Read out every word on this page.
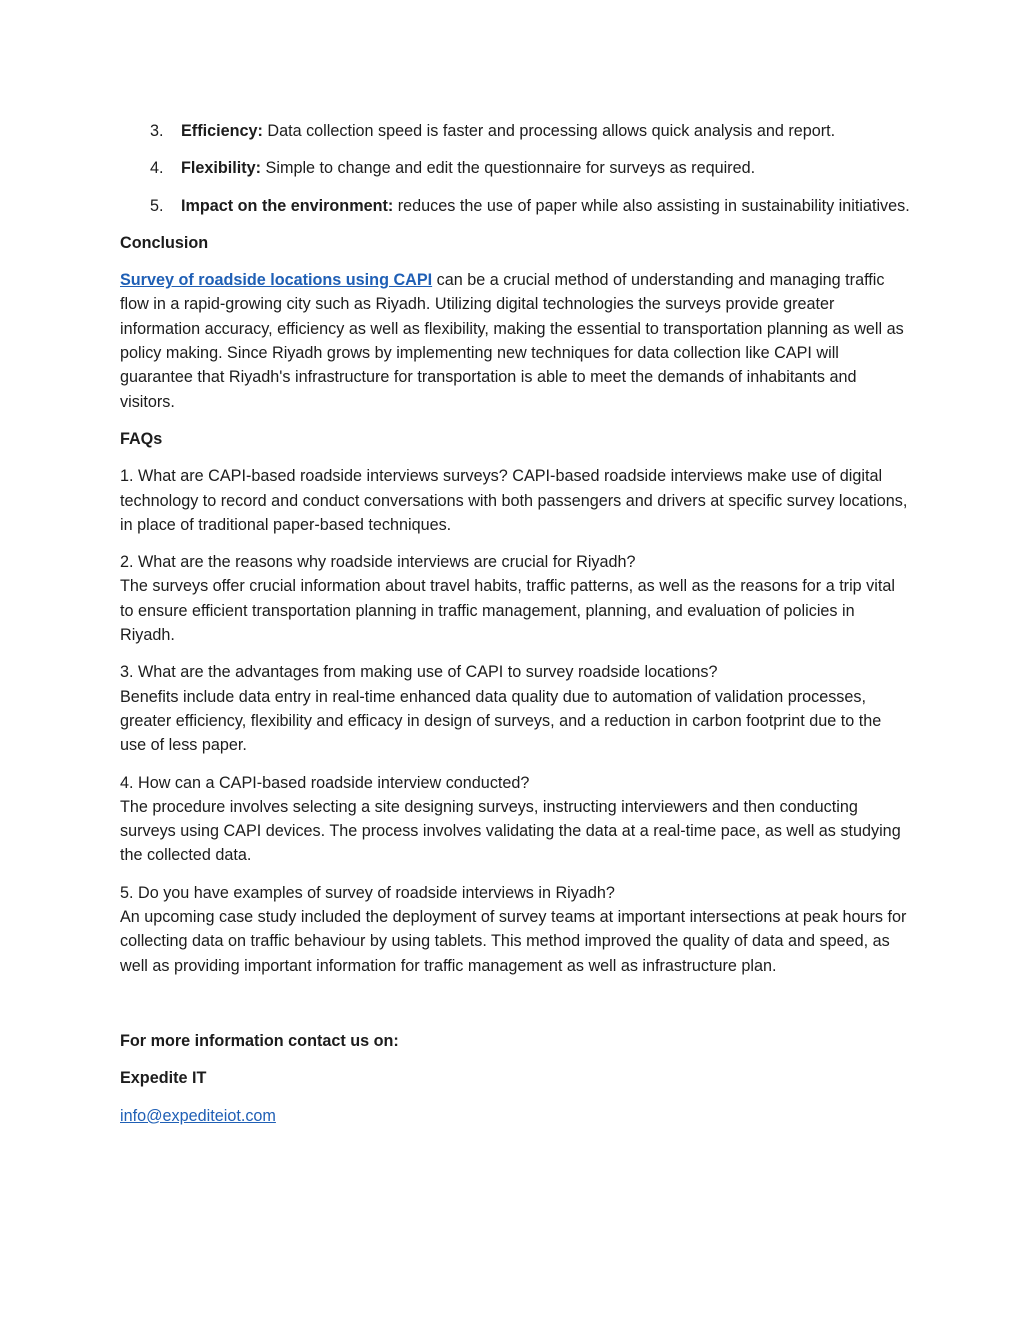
3. Efficiency: Data collection speed is faster and processing allows quick analysis and report.
4. Flexibility: Simple to change and edit the questionnaire for surveys as required.
5. Impact on the environment: reduces the use of paper while also assisting in sustainability initiatives.
Conclusion

Survey of roadside locations using CAPI can be a crucial method of understanding and managing traffic flow in a rapid-growing city such as Riyadh. Utilizing digital technologies the surveys provide greater information accuracy, efficiency as well as flexibility, making the essential to transportation planning as well as policy making. Since Riyadh grows by implementing new techniques for data collection like CAPI will guarantee that Riyadh's infrastructure for transportation is able to meet the demands of inhabitants and visitors.

FAQs
1. What are CAPI-based roadside interviews surveys? CAPI-based roadside interviews make use of digital technology to record and conduct conversations with both passengers and drivers at specific survey locations, in place of traditional paper-based techniques.
2. What are the reasons why roadside interviews are crucial for Riyadh?
The surveys offer crucial information about travel habits, traffic patterns, as well as the reasons for a trip vital to ensure efficient transportation planning in traffic management, planning, and evaluation of policies in Riyadh.
3. What are the advantages from making use of CAPI to survey roadside locations?
Benefits include data entry in real-time enhanced data quality due to automation of validation processes, greater efficiency, flexibility and efficacy in design of surveys, and a reduction in carbon footprint due to the use of less paper.
4. How can a CAPI-based roadside interview conducted?
The procedure involves selecting a site designing surveys, instructing interviewers and then conducting surveys using CAPI devices. The process involves validating the data at a real-time pace, as well as studying the collected data.
5. Do you have examples of survey of roadside interviews in Riyadh?
An upcoming case study included the deployment of survey teams at important intersections at peak hours for collecting data on traffic behaviour by using tablets. This method improved the quality of data and speed, as well as providing important information for traffic management as well as infrastructure plan.
For more information contact us on:
Expedite IT

info@expediteiot.com
